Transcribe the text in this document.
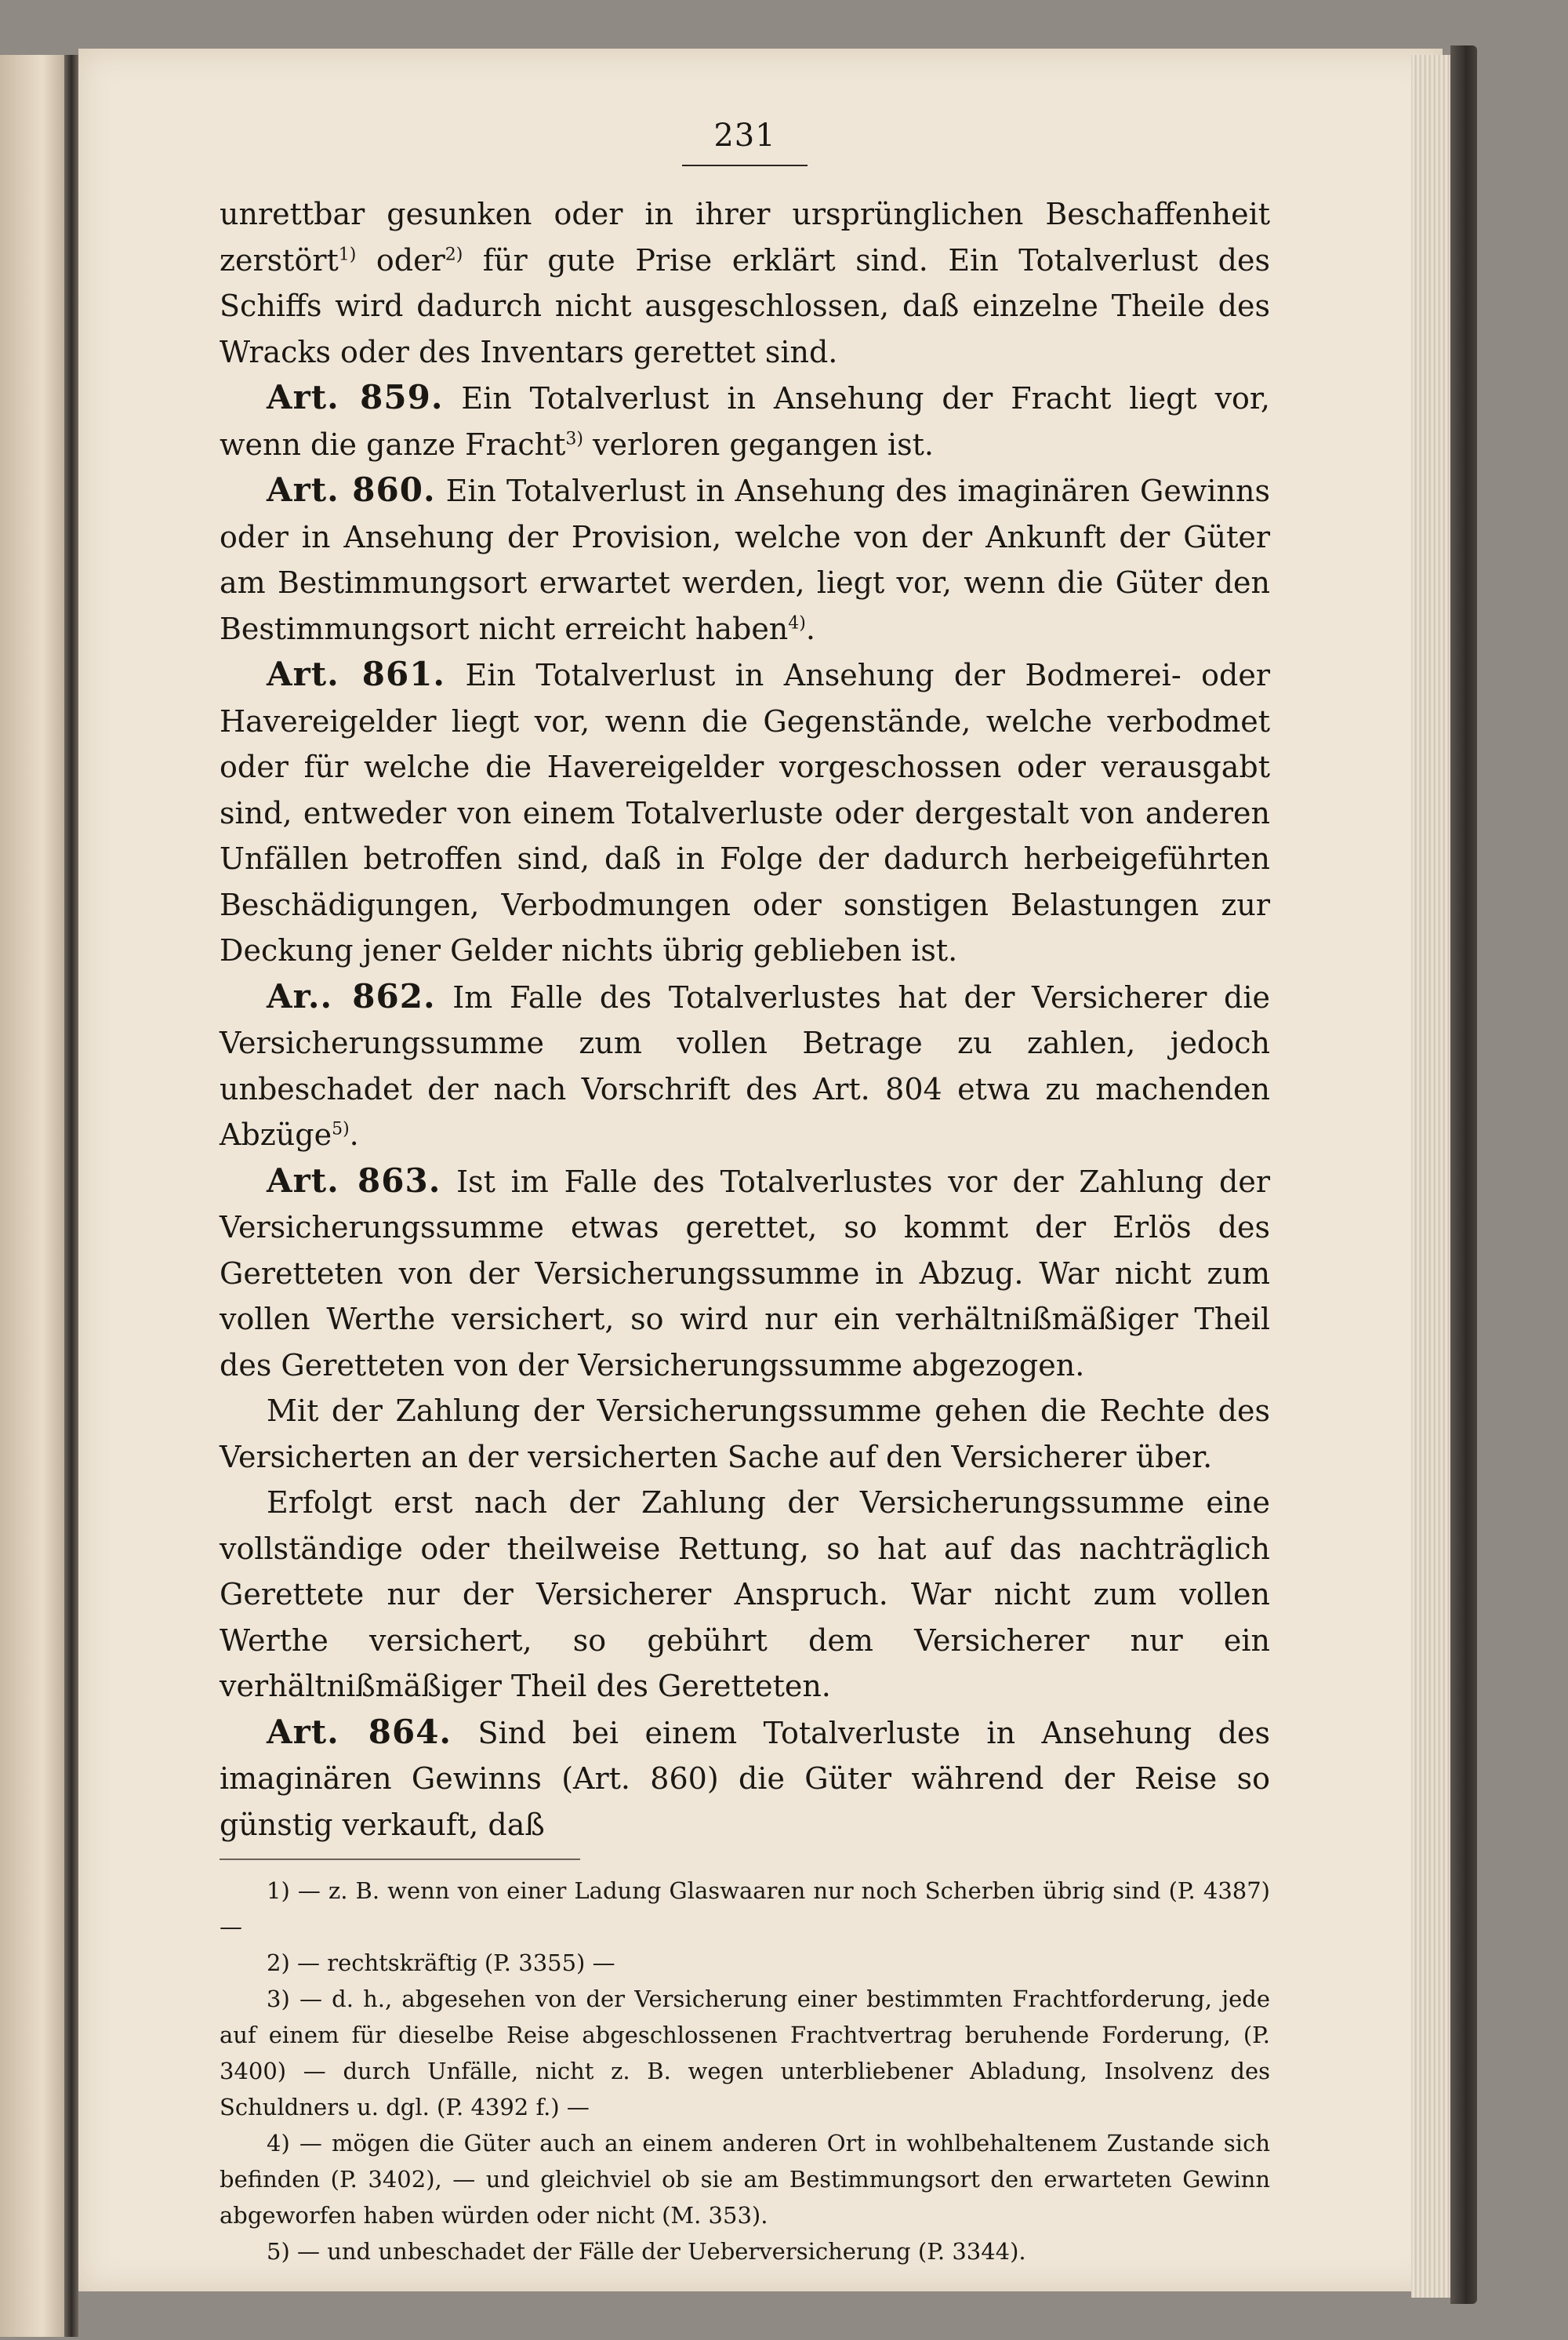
231

unrettbar gesunken oder in ihrer ursprünglichen Beschaffenheit zerstört$^{1)}$ oder$^{2)}$ für gute Prise erklärt sind. Ein Totalverlust des Schiffs wird dadurch nicht ausgeschlossen, daß einzelne Theile des Wracks oder des Inventars gerettet sind.

Art. 859. Ein Totalverlust in Ansehung der Fracht liegt vor, wenn die ganze Fracht$^{3)}$ verloren gegangen ist.

Art. 860. Ein Totalverlust in Ansehung des imaginären Gewinns oder in Ansehung der Provision, welche von der Ankunft der Güter am Bestimmungsort erwartet werden, liegt vor, wenn die Güter den Bestimmungsort nicht erreicht haben$^{4)}$.

Art. 861. Ein Totalverlust in Ansehung der Bodmerei- oder Havereigelder liegt vor, wenn die Gegenstände, welche verbodmet oder für welche die Havereigelder vorgeschossen oder verausgabt sind, entweder von einem Totalverluste oder dergestalt von anderen Unfällen betroffen sind, daß in Folge der dadurch herbeigeführten Beschädigungen, Verbodmungen oder sonstigen Belastungen zur Deckung jener Gelder nichts übrig geblieben ist.

Ar.. 862. Im Falle des Totalverlustes hat der Versicherer die Versicherungssumme zum vollen Betrage zu zahlen, jedoch unbeschadet der nach Vorschrift des Art. 804 etwa zu machenden Abzüge$^{5)}$.

Art. 863. Ist im Falle des Totalverlustes vor der Zahlung der Versicherungssumme etwas gerettet, so kommt der Erlös des Geretteten von der Versicherungssumme in Abzug. War nicht zum vollen Werthe versichert, so wird nur ein verhältnißmäßiger Theil des Geretteten von der Versicherungssumme abgezogen.

Mit der Zahlung der Versicherungssumme gehen die Rechte des Versicherten an der versicherten Sache auf den Versicherer über.

Erfolgt erst nach der Zahlung der Versicherungssumme eine vollständige oder theilweise Rettung, so hat auf das nachträglich Gerettete nur der Versicherer Anspruch. War nicht zum vollen Werthe versichert, so gebührt dem Versicherer nur ein verhältnißmäßiger Theil des Geretteten.

Art. 864. Sind bei einem Totalverluste in Ansehung des imaginären Gewinns (Art. 860) die Güter während der Reise so günstig verkauft, daß

1) — z. B. wenn von einer Ladung Glaswaaren nur noch Scherben übrig sind (P. 4387) —

2) — rechtskräftig (P. 3355) —

3) — d. h., abgesehen von der Versicherung einer bestimmten Frachtforderung, jede auf einem für dieselbe Reise abgeschlossenen Frachtvertrag beruhende Forderung, (P. 3400) — durch Unfälle, nicht z. B. wegen unterbliebener Abladung, Insolvenz des Schuldners u. dgl. (P. 4392 f.) —

4) — mögen die Güter auch an einem anderen Ort in wohlbehaltenem Zustande sich befinden (P. 3402), — und gleichviel ob sie am Bestimmungsort den erwarteten Gewinn abgeworfen haben würden oder nicht (M. 353).

5) — und unbeschadet der Fälle der Ueberversicherung (P. 3344).
